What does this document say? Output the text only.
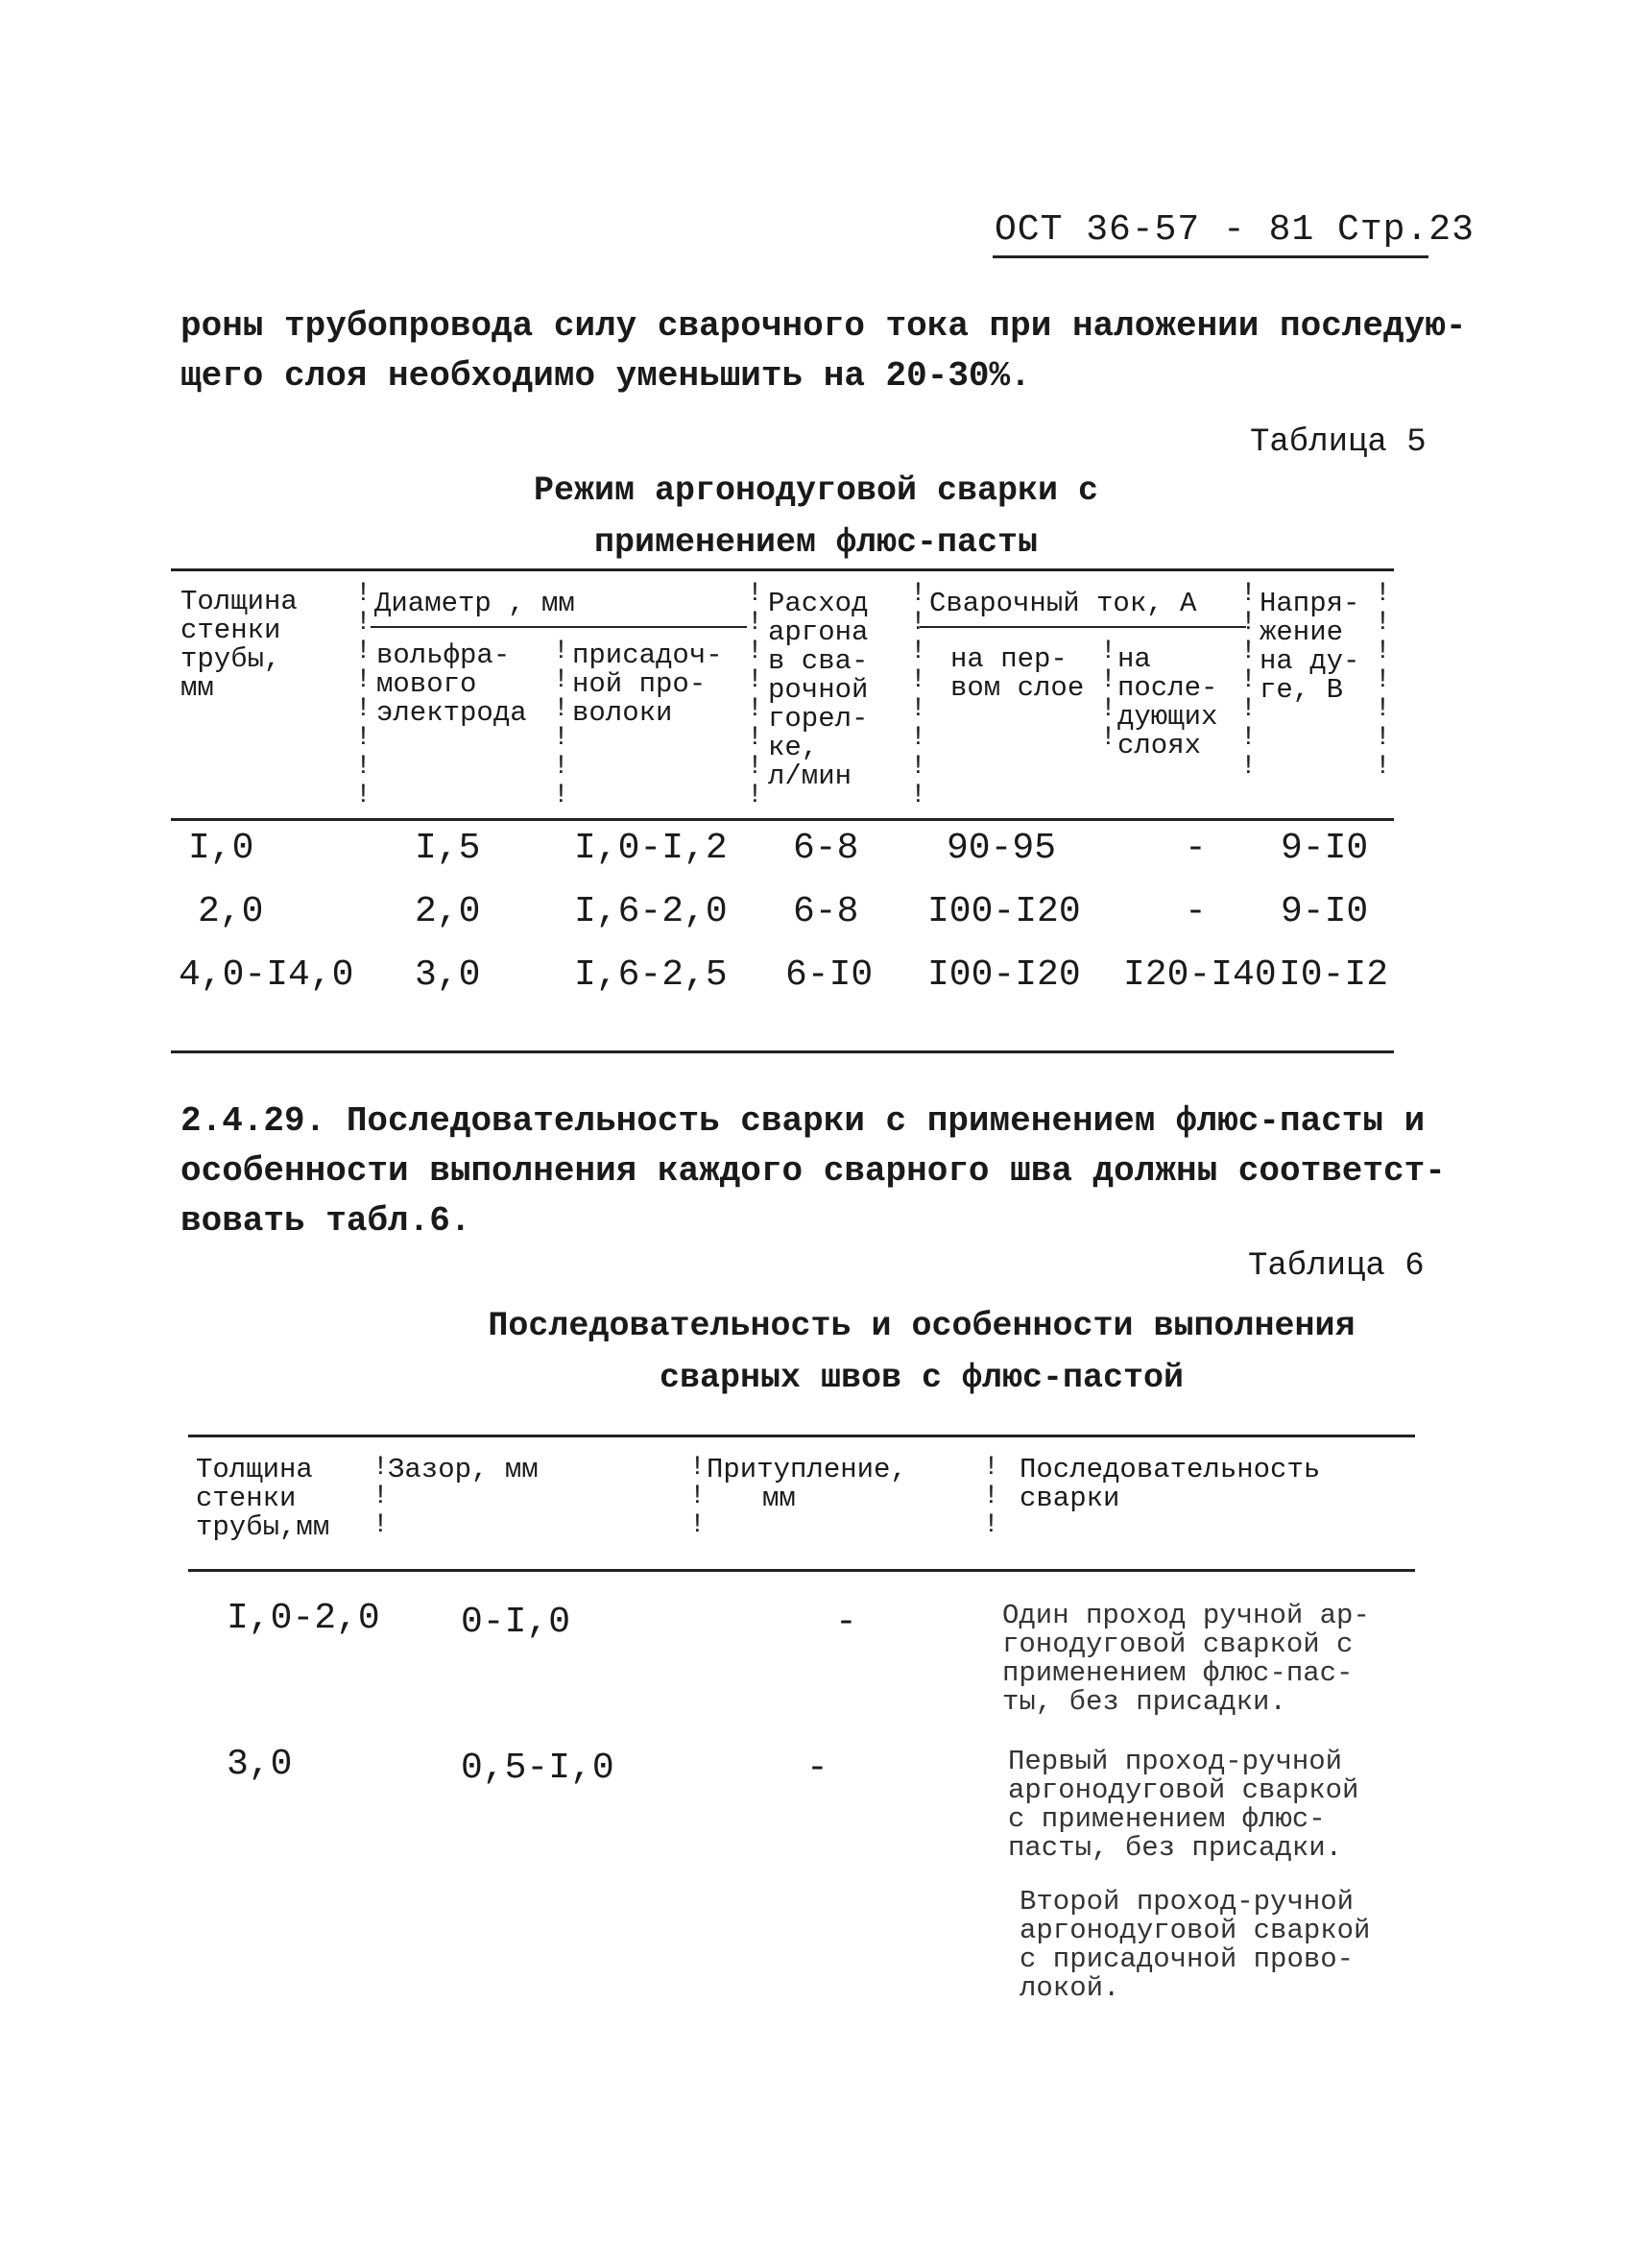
ОСТ 36-57 - 81 Стр.23
роны трубопровода силу сварочного тока при наложении последую-
щего слоя необходимо уменьшить на 20-30%.
Таблица 5
Режим аргонодуговой сварки с
применением флюс-пасты
!
!
!
!
!
!
!
!
!
!
!
!
!
!
!
!
!
!
!
!
!
!
!
!
!
!
!
!
!
!
!
!
!
!
!
!
!
!
!
!
!
!
!
!
!
!
!
!
Толщина
стенки
трубы,
мм
Диаметр , мм
вольфра-
мового
электрода
присадоч-
ной про-
волоки
Расход
аргона
в сва-
рочной
горел-
ке,
л/мин
Сварочный ток, А
на пер-
вом слое
на
после-
дующих
слоях
Напря-
жение
на ду-
ге, В
I,0	I,5	I,0-I,2 6-8 90-95	- 9-I0
2,0	2,0	I,6-2,0 6-8 I00-I20	- 9-I0
4,0-I4,0 3,0	I,6-2,5 6-I0 I00-I20 I20-I40 I0-I2
2.4.29. Последовательность сварки с применением флюс-пасты и
особенности выполнения каждого сварного шва должны соответст-
вовать табл.6.
Таблица 6
Последовательность и особенности выполнения
сварных швов с флюс-пастой
!
!
!
!
!
!
!
!
!
Толщина
стенки
трубы,мм
Зазор, мм	Притупление,
мм
Последовательность
сварки
I,0-2,0 0-I,0	-	Один проход ручной ар-
гонодуговой сваркой с
применением флюс-пас-
ты, без присадки.
3,0	0,5-I,0	-	Первый проход-ручной
аргонодуговой сваркой
с применением флюс-
пасты, без присадки.
Второй проход-ручной
аргонодуговой сваркой
с присадочной прово-
локой.
